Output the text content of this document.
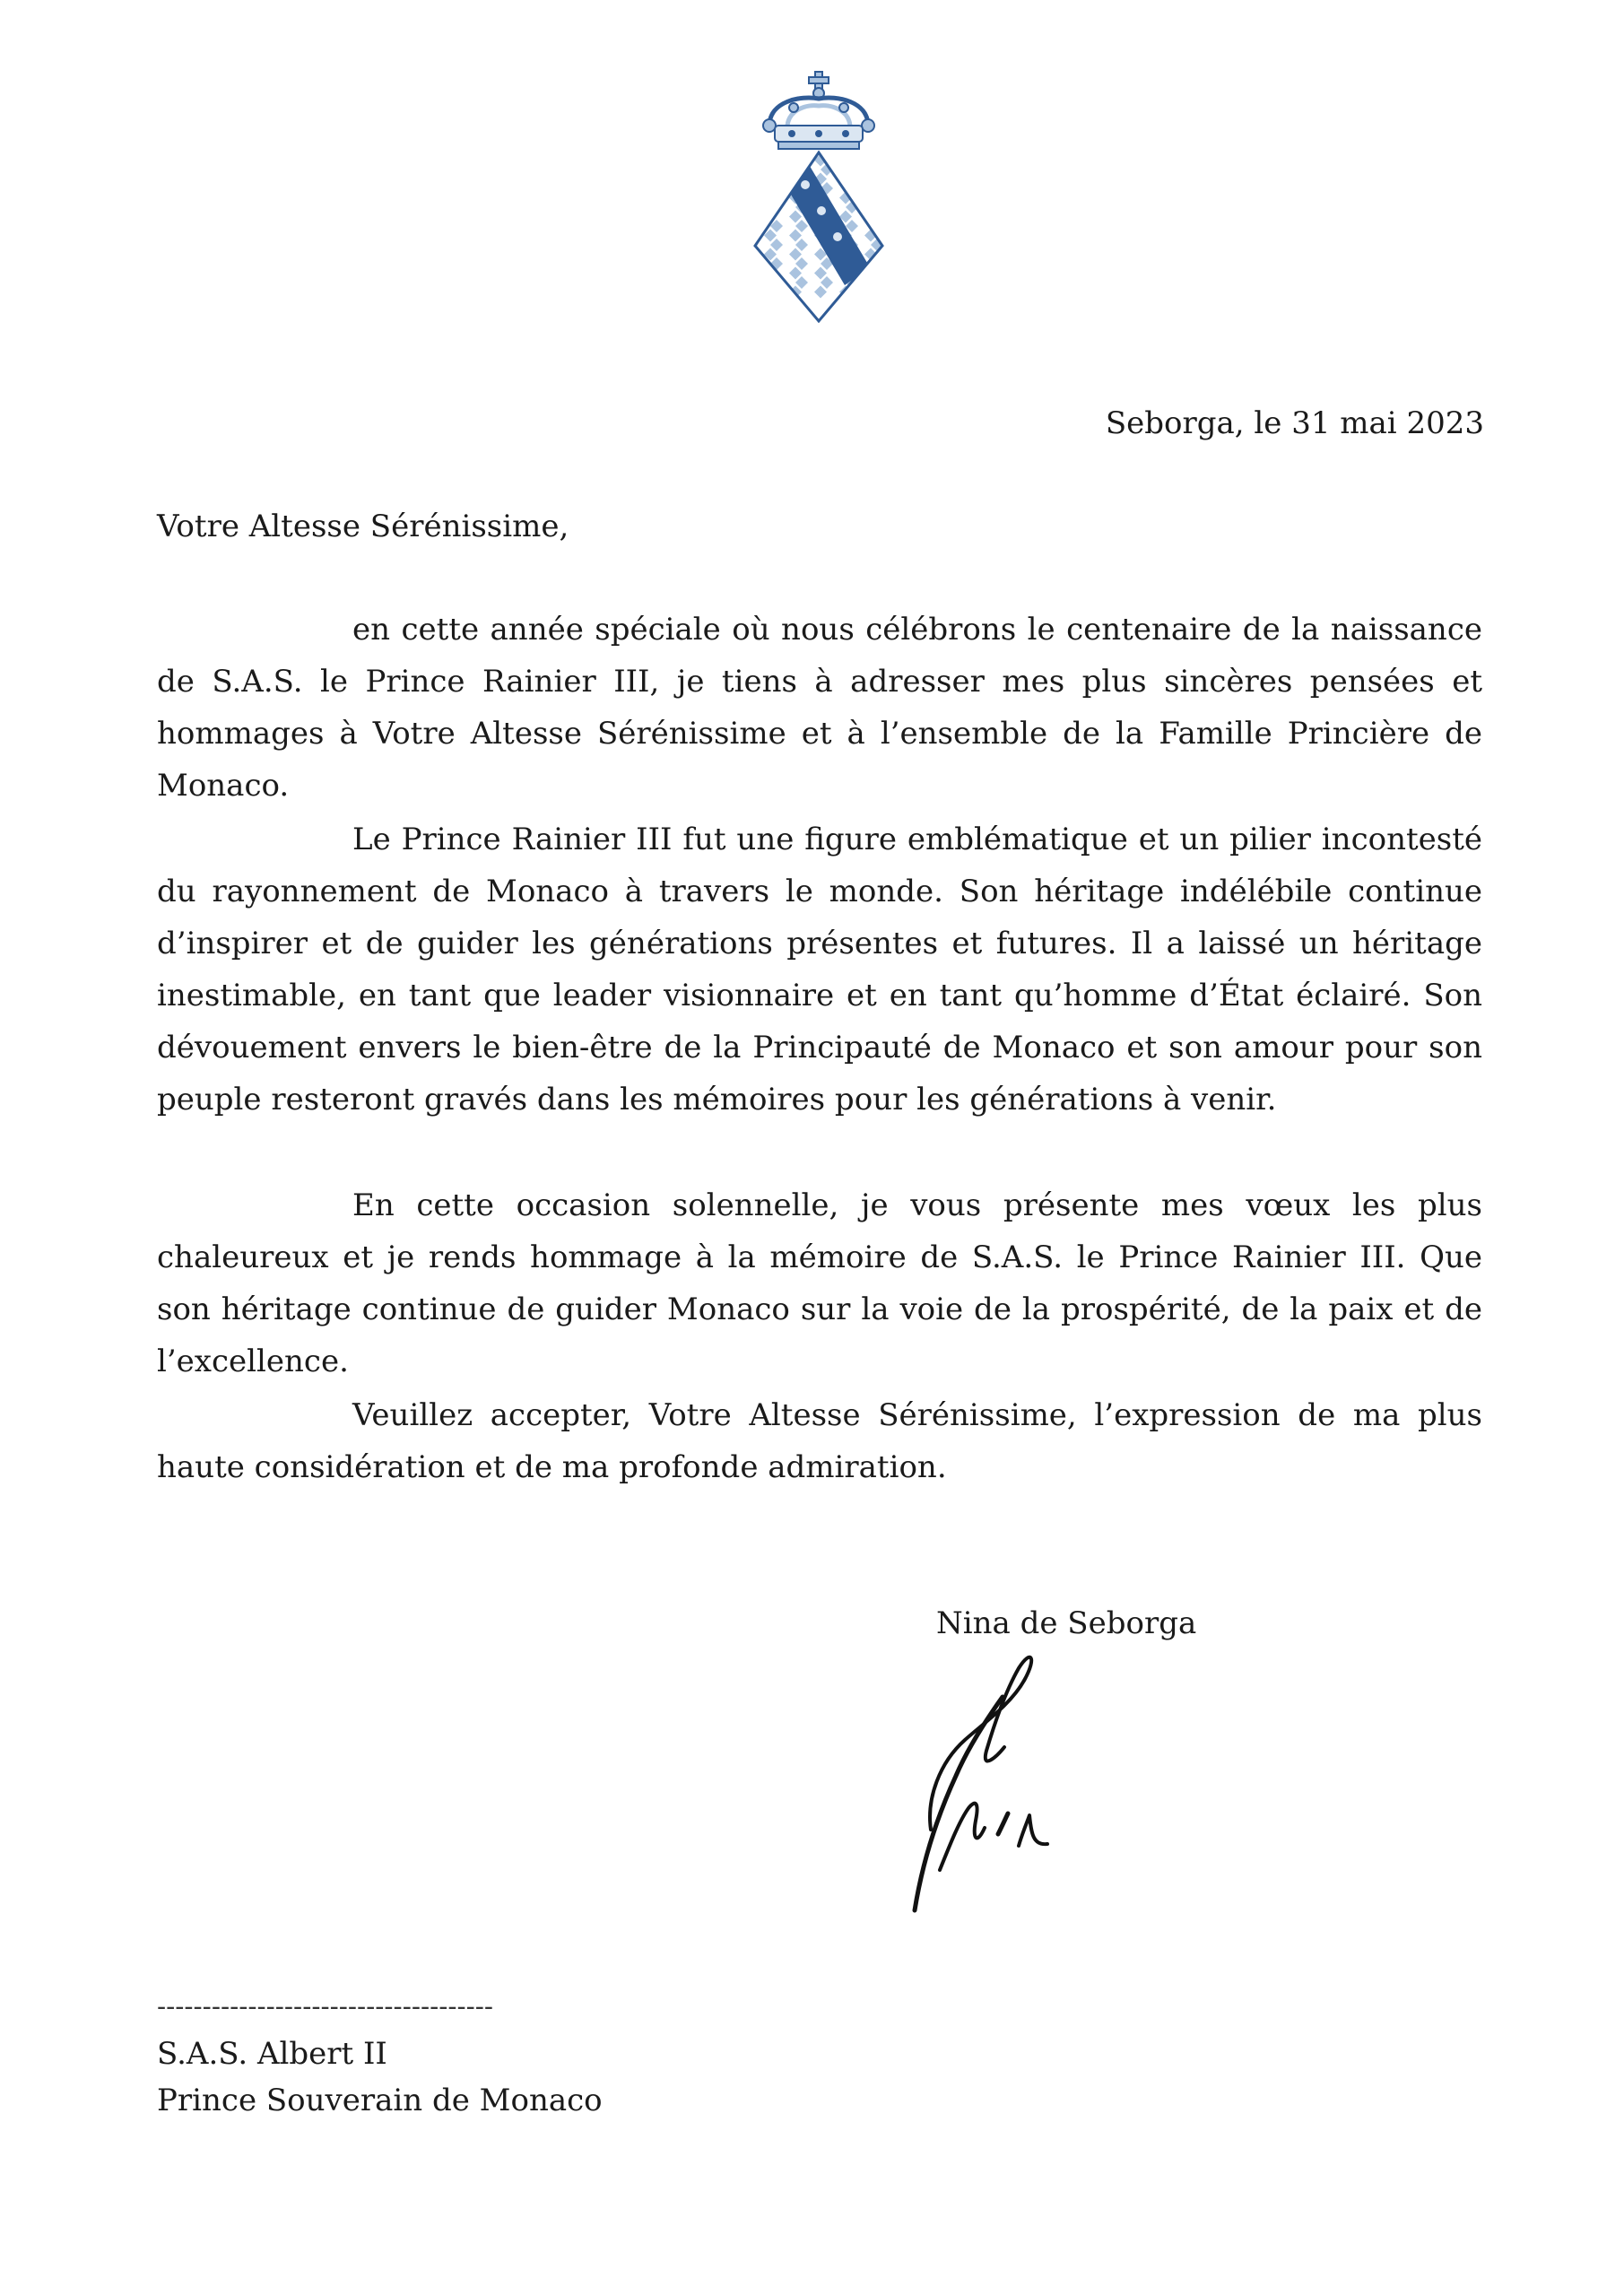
Seborga, le 31 mai 2023
Votre Altesse Sérénissime,

en cette année spéciale où nous célébrons le centenaire de la naissance de S.A.S. le Prince Rainier III, je tiens à adresser mes plus sincères pensées et hommages à Votre Altesse Sérénissime et à l’ensemble de la Famille Princière de Monaco.

Le Prince Rainier III fut une figure emblématique et un pilier incontesté du rayonnement de Monaco à travers le monde. Son héritage indélébile continue d’inspirer et de guider les générations présentes et futures. Il a laissé un héritage inestimable, en tant que leader visionnaire et en tant qu’homme d’État éclairé. Son dévouement envers le bien-être de la Principauté de Monaco et son amour pour son peuple resteront gravés dans les mémoires pour les générations à venir.

En cette occasion solennelle, je vous présente mes vœux les plus chaleureux et je rends hommage à la mémoire de S.A.S. le Prince Rainier III. Que son héritage continue de guider Monaco sur la voie de la prospérité, de la paix et de l’excellence.

Veuillez accepter, Votre Altesse Sérénissime, l’expression de ma plus haute considération et de ma profonde admiration.

Nina de Seborga
-------------------------------------
S.A.S. Albert II
Prince Souverain de Monaco
